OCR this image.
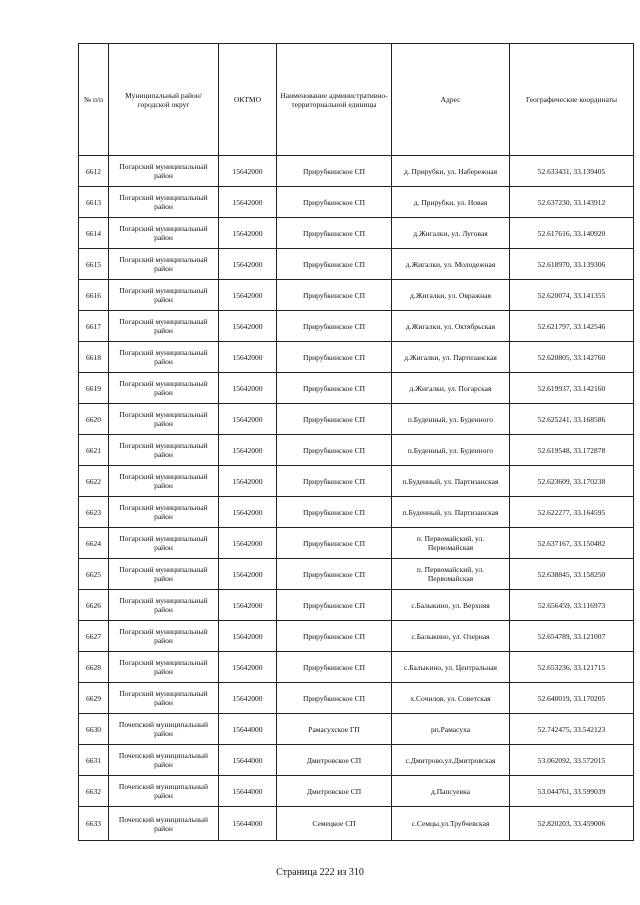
№ п/п	Муниципальный район/городской округ	ОКТМО	Наименование административно-территориальной единицы	Адрес	Географические координаты
6612	Погарский муниципальный район	15642000	Прирубкинское СП	д. Прирубки, ул. Набережная	52.633431, 33.139405
6613	Погарский муниципальный район	15642000	Прирубкинское СП	д. Прирубки, ул. Новая	52.637230, 33.143912
6614	Погарский муниципальный район	15642000	Прирубкинское СП	д.Жигалки, ул. Луговая	52.617616, 33.140920
6615	Погарский муниципальный район	15642000	Прирубкинское СП	д.Жигалки, ул. Молодежная	52.618970, 33.139306
6616	Погарский муниципальный район	15642000	Прирубкинское СП	д.Жигалки, ул. Овражная	52.620074, 33.141355
6617	Погарский муниципальный район	15642000	Прирубкинское СП	д.Жигалки, ул. Октябрьская	52.621797, 33.142546
6618	Погарский муниципальный район	15642000	Прирубкинское СП	д.Жигалки, ул. Партизанская	52.620805, 33.142760
6619	Погарский муниципальный район	15642000	Прирубкинское СП	д.Жигалки, ул. Погарская	52.619937, 33.142160
6620	Погарский муниципальный район	15642000	Прирубкинское СП	п.Буденный, ул. Буденного	52.625241, 33.168586
6621	Погарский муниципальный район	15642000	Прирубкинское СП	п.Буденный, ул. Буденного	52.619548, 33.172878
6622	Погарский муниципальный район	15642000	Прирубкинское СП	п.Буденный, ул. Партизанская	52.623609, 33.170238
6623	Погарский муниципальный район	15642000	Прирубкинское СП	п.Буденный, ул. Партизанская	52.622277, 33.164595
6624	Погарский муниципальный район	15642000	Прирубкинское СП	п. Первомайский, ул. Первомайская	52.637167, 33.150482
6625	Погарский муниципальный район	15642000	Прирубкинское СП	п. Первомайский, ул. Первомайская	52.638845, 33.158250
6626	Погарский муниципальный район	15642000	Прирубкинское СП	с.Балыкино, ул. Верхняя	52.656459, 33.116973
6627	Погарский муниципальный район	15642000	Прирубкинское СП	с.Балыкино, ул. Озерная	52.654789, 33.121007
6628	Погарский муниципальный район	15642000	Прирубкинское СП	с.Балыкино, ул. Центральная	52.653236, 33.121715
6629	Погарский муниципальный район	15642000	Прирубкинское СП	х.Сочилов, ул. Советская	52.640019, 33.170205
6630	Почепский муниципальный район	15644000	Рамасухское ГП	рп.Рамасуха	52.742475, 33.542123
6631	Почепский муниципальный район	15644000	Дмитровское СП	с.Дмитрово,ул.Дмитровская	53.062092, 33.572015
6632	Почепский муниципальный район	15644000	Дмитровское СП	д.Папсуевка	53.044761, 33.599039
6633	Почепский муниципальный район	15644000	Семецкое СП	с.Семцы,ул.Трубчевская	52.820203, 33.459006
Страница 222 из 310
